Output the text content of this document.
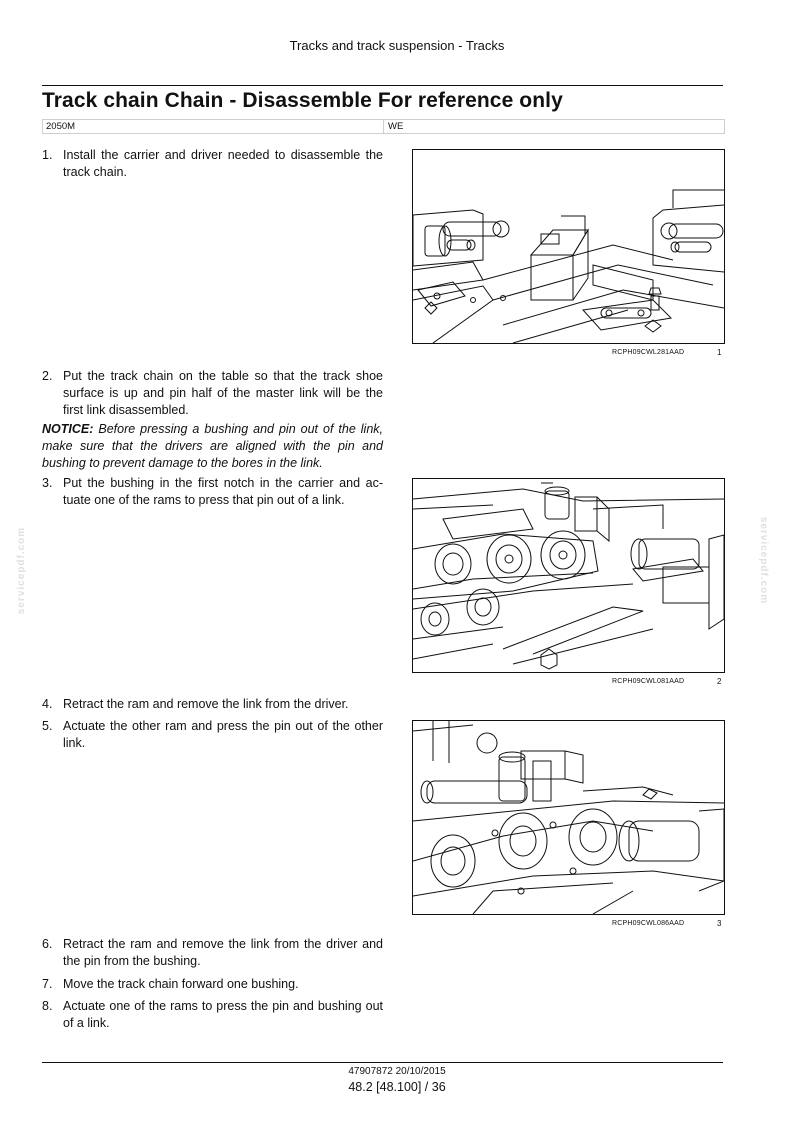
Tracks and track suspension - Tracks
Track chain Chain - Disassemble For reference only
2050M	WE
1. Install the carrier and driver needed to disassemble the track chain.
2. Put the track chain on the table so that the track shoe surface is up and pin half of the master link will be the first link disassembled.
NOTICE: Before pressing a bushing and pin out of the link, make sure that the drivers are aligned with the pin and bushing to prevent damage to the bores in the link.
3. Put the bushing in the first notch in the carrier and ac-tuate one of the rams to press that pin out of a link.
4. Retract the ram and remove the link from the driver.
5. Actuate the other ram and press the pin out of the other link.
6. Retract the ram and remove the link from the driver and the pin from the bushing.
7. Move the track chain forward one bushing.
8. Actuate one of the rams to press the pin and bushing out of a link.
RCPH09CWL281AAD	1
RCPH09CWL081AAD	2
RCPH09CWL086AAD	3
servicepdf.com	servicepdf.com
47907872 20/10/2015
48.2 [48.100] / 36
